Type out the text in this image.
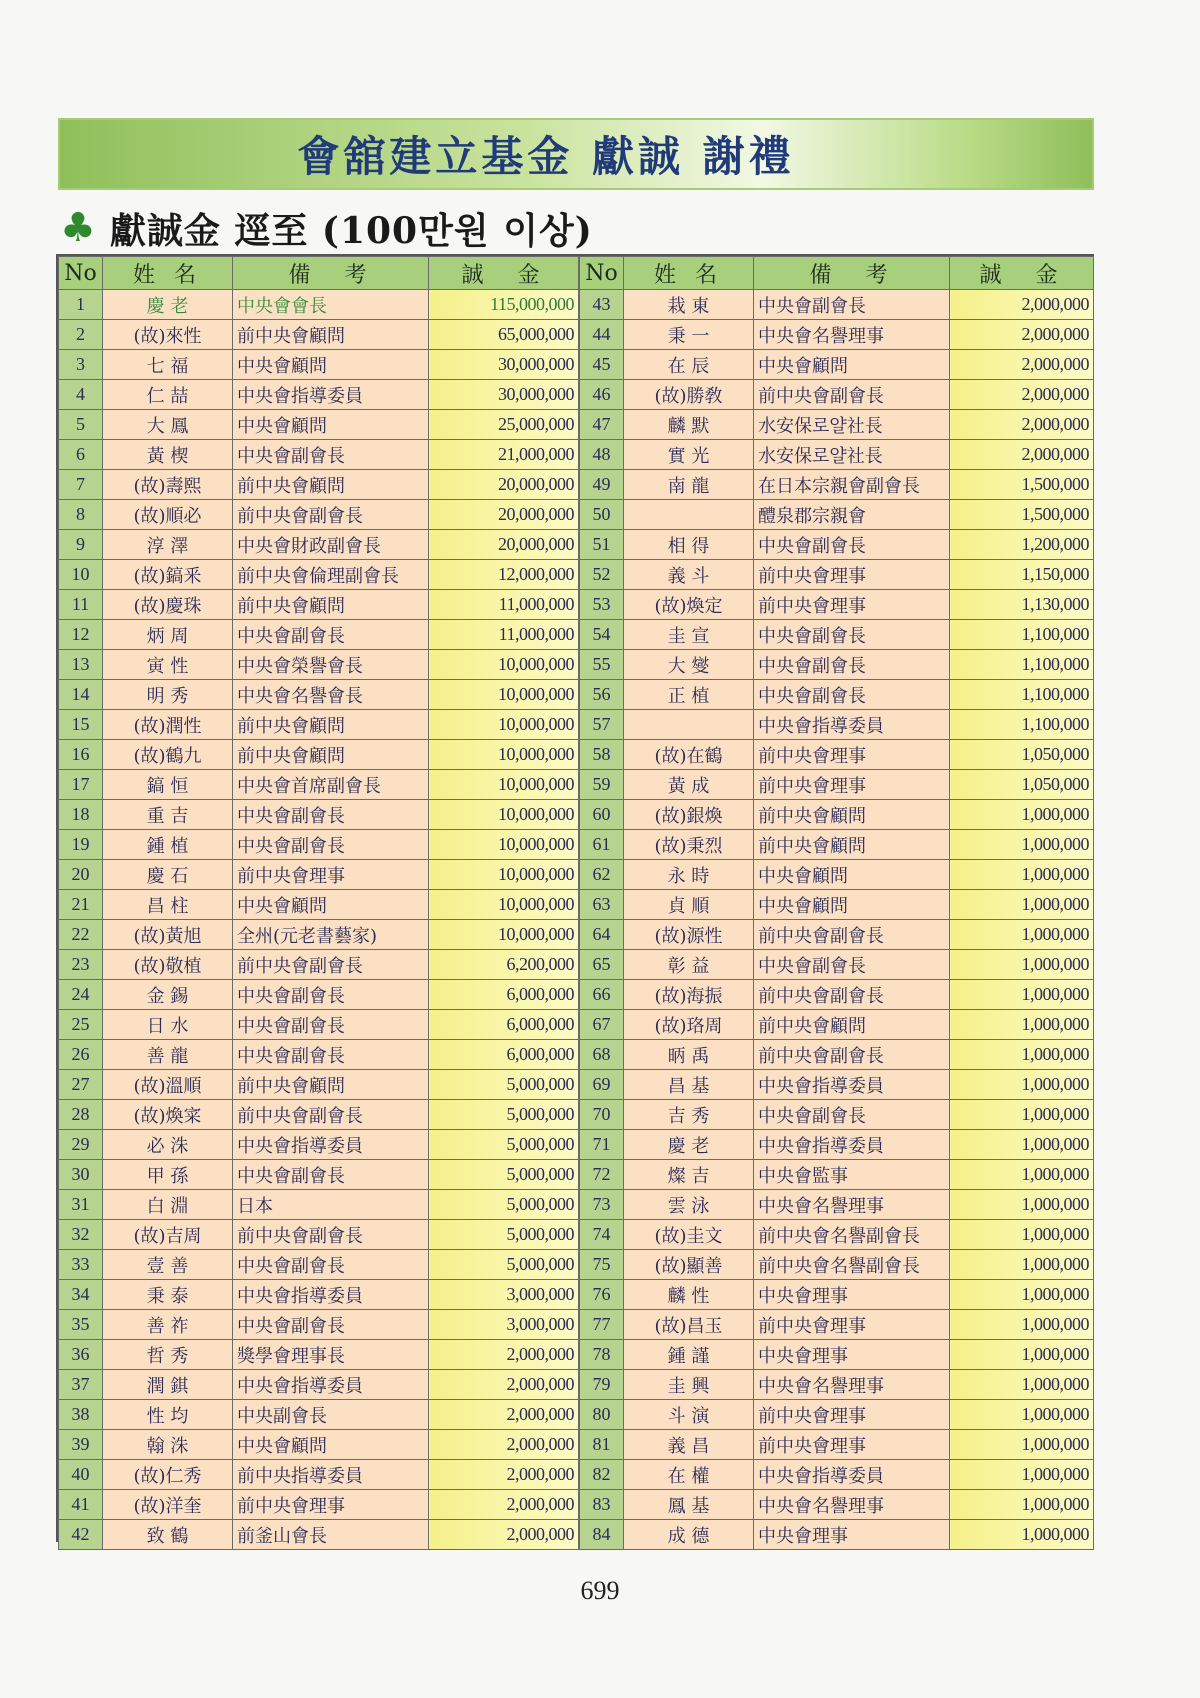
會舘建立基金 獻誠 謝禮
♣ 獻誠金 逕至 (100만원 이상)
No	姓 名	備　考	誠　金
1	慶 老	中央會會長	115,000,000
2	(故)來性	前中央會顧問	65,000,000
3	七 福	中央會顧問	30,000,000
4	仁 喆	中央會指導委員	30,000,000
5	大 鳳	中央會顧問	25,000,000
6	黃 楔	中央會副會長	21,000,000
7	(故)壽熙	前中央會顧問	20,000,000
8	(故)順必	前中央會副會長	20,000,000
9	淳 澤	中央會財政副會長	20,000,000
10	(故)鎬釆	前中央會倫理副會長	12,000,000
11	(故)慶珠	前中央會顧問	11,000,000
12	炳 周	中央會副會長	11,000,000
13	寅 性	中央會榮譽會長	10,000,000
14	明 秀	中央會名譽會長	10,000,000
15	(故)潤性	前中央會顧問	10,000,000
16	(故)鶴九	前中央會顧問	10,000,000
17	鎬 恒	中央會首席副會長	10,000,000
18	重 吉	中央會副會長	10,000,000
19	鍾 植	中央會副會長	10,000,000
20	慶 石	前中央會理事	10,000,000
21	昌 柱	中央會顧問	10,000,000
22	(故)黃旭	全州(元老書藝家)	10,000,000
23	(故)敬植	前中央會副會長	6,200,000
24	金 錫	中央會副會長	6,000,000
25	日 水	中央會副會長	6,000,000
26	善 龍	中央會副會長	6,000,000
27	(故)溫順	前中央會顧問	5,000,000
28	(故)煥寀	前中央會副會長	5,000,000
29	必 洙	中央會指導委員	5,000,000
30	甲 孫	中央會副會長	5,000,000
31	白 淵	日本	5,000,000
32	(故)吉周	前中央會副會長	5,000,000
33	壹 善	中央會副會長	5,000,000
34	秉 泰	中央會指導委員	3,000,000
35	善 祚	中央會副會長	3,000,000
36	哲 秀	獎學會理事長	2,000,000
37	潤 錤	中央會指導委員	2,000,000
38	性 均	中央副會長	2,000,000
39	翰 洙	中央會顧問	2,000,000
40	(故)仁秀	前中央指導委員	2,000,000
41	(故)洋奎	前中央會理事	2,000,000
42	致 鶴	前釜山會長	2,000,000
No	姓 名	備　考	誠　金
43	栽 東	中央會副會長	2,000,000
44	秉 一	中央會名譽理事	2,000,000
45	在 辰	中央會顧問	2,000,000
46	(故)勝敎	前中央會副會長	2,000,000
47	麟 默	水安保로얄社長	2,000,000
48	實 光	水安保로얄社長	2,000,000
49	南 龍	在日本宗親會副會長	1,500,000
50		醴泉郡宗親會	1,500,000
51	相 得	中央會副會長	1,200,000
52	義 斗	前中央會理事	1,150,000
53	(故)煥定	前中央會理事	1,130,000
54	圭 宣	中央會副會長	1,100,000
55	大 燮	中央會副會長	1,100,000
56	正 植	中央會副會長	1,100,000
57		中央會指導委員	1,100,000
58	(故)在鶴	前中央會理事	1,050,000
59	黃 成	前中央會理事	1,050,000
60	(故)銀煥	前中央會顧問	1,000,000
61	(故)秉烈	前中央會顧問	1,000,000
62	永 時	中央會顧問	1,000,000
63	貞 順	中央會顧問	1,000,000
64	(故)源性	前中央會副會長	1,000,000
65	彰 益	中央會副會長	1,000,000
66	(故)海振	前中央會副會長	1,000,000
67	(故)珞周	前中央會顧問	1,000,000
68	昞 禹	前中央會副會長	1,000,000
69	昌 基	中央會指導委員	1,000,000
70	吉 秀	中央會副會長	1,000,000
71	慶 老	中央會指導委員	1,000,000
72	燦 吉	中央會監事	1,000,000
73	雲 泳	中央會名譽理事	1,000,000
74	(故)圭文	前中央會名譽副會長	1,000,000
75	(故)顯善	前中央會名譽副會長	1,000,000
76	麟 性	中央會理事	1,000,000
77	(故)昌玉	前中央會理事	1,000,000
78	鍾 謹	中央會理事	1,000,000
79	圭 興	中央會名譽理事	1,000,000
80	斗 演	前中央會理事	1,000,000
81	義 昌	前中央會理事	1,000,000
82	在 權	中央會指導委員	1,000,000
83	鳳 基	中央會名譽理事	1,000,000
84	成 德	中央會理事	1,000,000
699
